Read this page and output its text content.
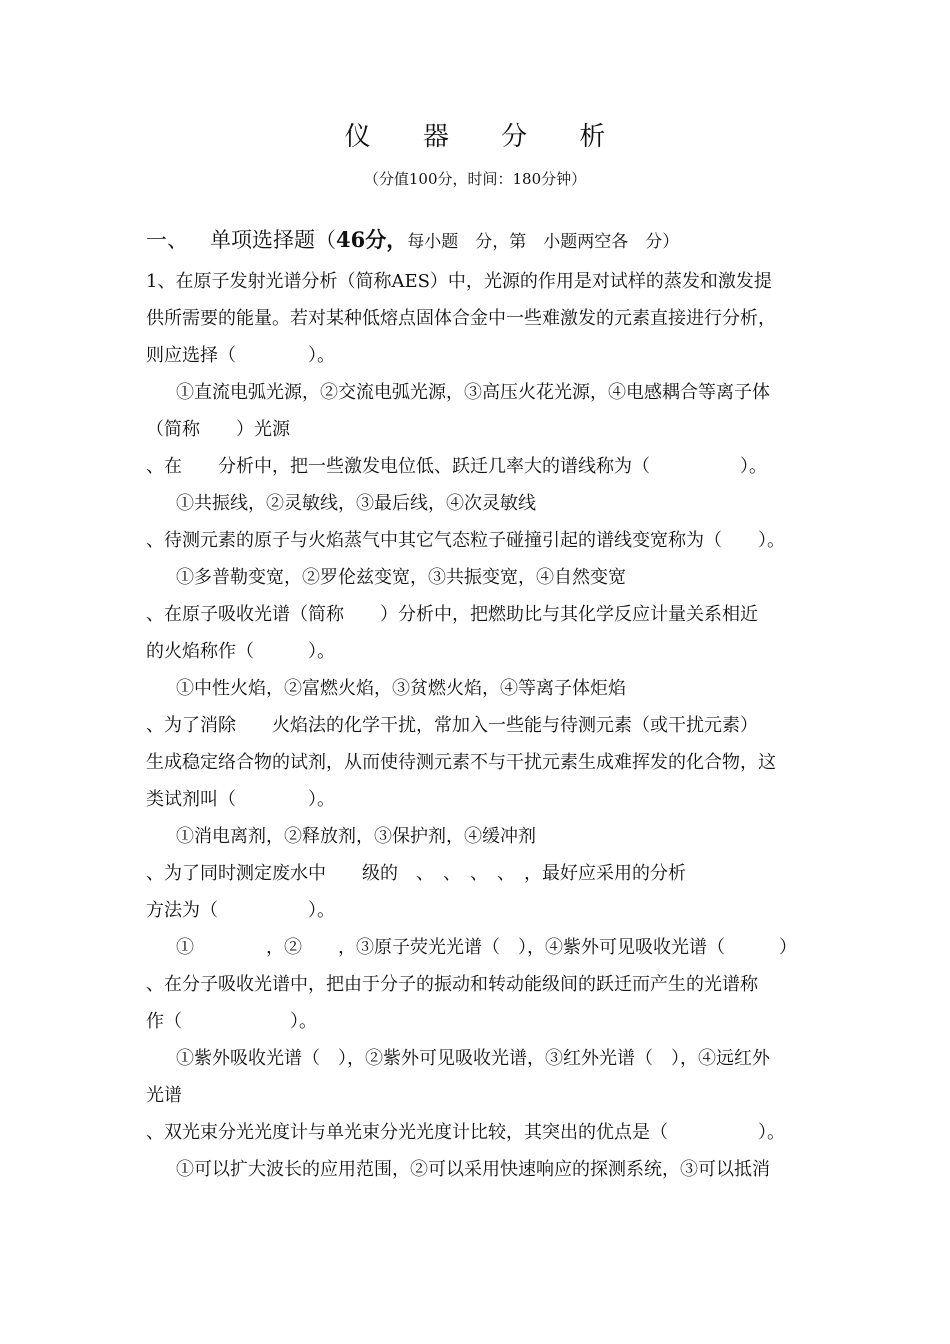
仪 器 分 析
（分值100分，时间：180分钟）
一、 单项选择题（46分，每小题　分，第　小题两空各　分）
1、在原子发射光谱分析（简称AES）中，光源的作用是对试样的蒸发和激发提
供所需要的能量。若对某种低熔点固体合金中一些难激发的元素直接进行分析，
则应选择（　　　　）。
①直流电弧光源，②交流电弧光源，③高压火花光源，④电感耦合等离子体
（简称　　）光源
、在　　分析中，把一些激发电位低、跃迁几率大的谱线称为（　　　　　）。
①共振线，②灵敏线，③最后线，④次灵敏线
、待测元素的原子与火焰蒸气中其它气态粒子碰撞引起的谱线变宽称为（　　）。
①多普勒变宽，②罗伦兹变宽，③共振变宽，④自然变宽
、在原子吸收光谱（简称　　）分析中，把燃助比与其化学反应计量关系相近
的火焰称作（　　　）。
①中性火焰，②富燃火焰，③贫燃火焰，④等离子体炬焰
、为了消除　　火焰法的化学干扰，常加入一些能与待测元素（或干扰元素）
生成稳定络合物的试剂，从而使待测元素不与干扰元素生成难挥发的化合物，这
类试剂叫（　　　　）。
①消电离剂，②释放剂，③保护剂，④缓冲剂
、为了同时测定废水中　　级的　、　、　、　、　，最好应采用的分析
方法为（　　　　　）。
①　　　　，②　　，③原子荧光光谱（　），④紫外可见吸收光谱（　　　）
、在分子吸收光谱中，把由于分子的振动和转动能级间的跃迁而产生的光谱称
作（　　　　　　）。
①紫外吸收光谱（　），②紫外可见吸收光谱，③红外光谱（　），④远红外
光谱
、双光束分光光度计与单光束分光光度计比较，其突出的优点是（　　　　　）。
①可以扩大波长的应用范围，②可以采用快速响应的探测系统，③可以抵消
